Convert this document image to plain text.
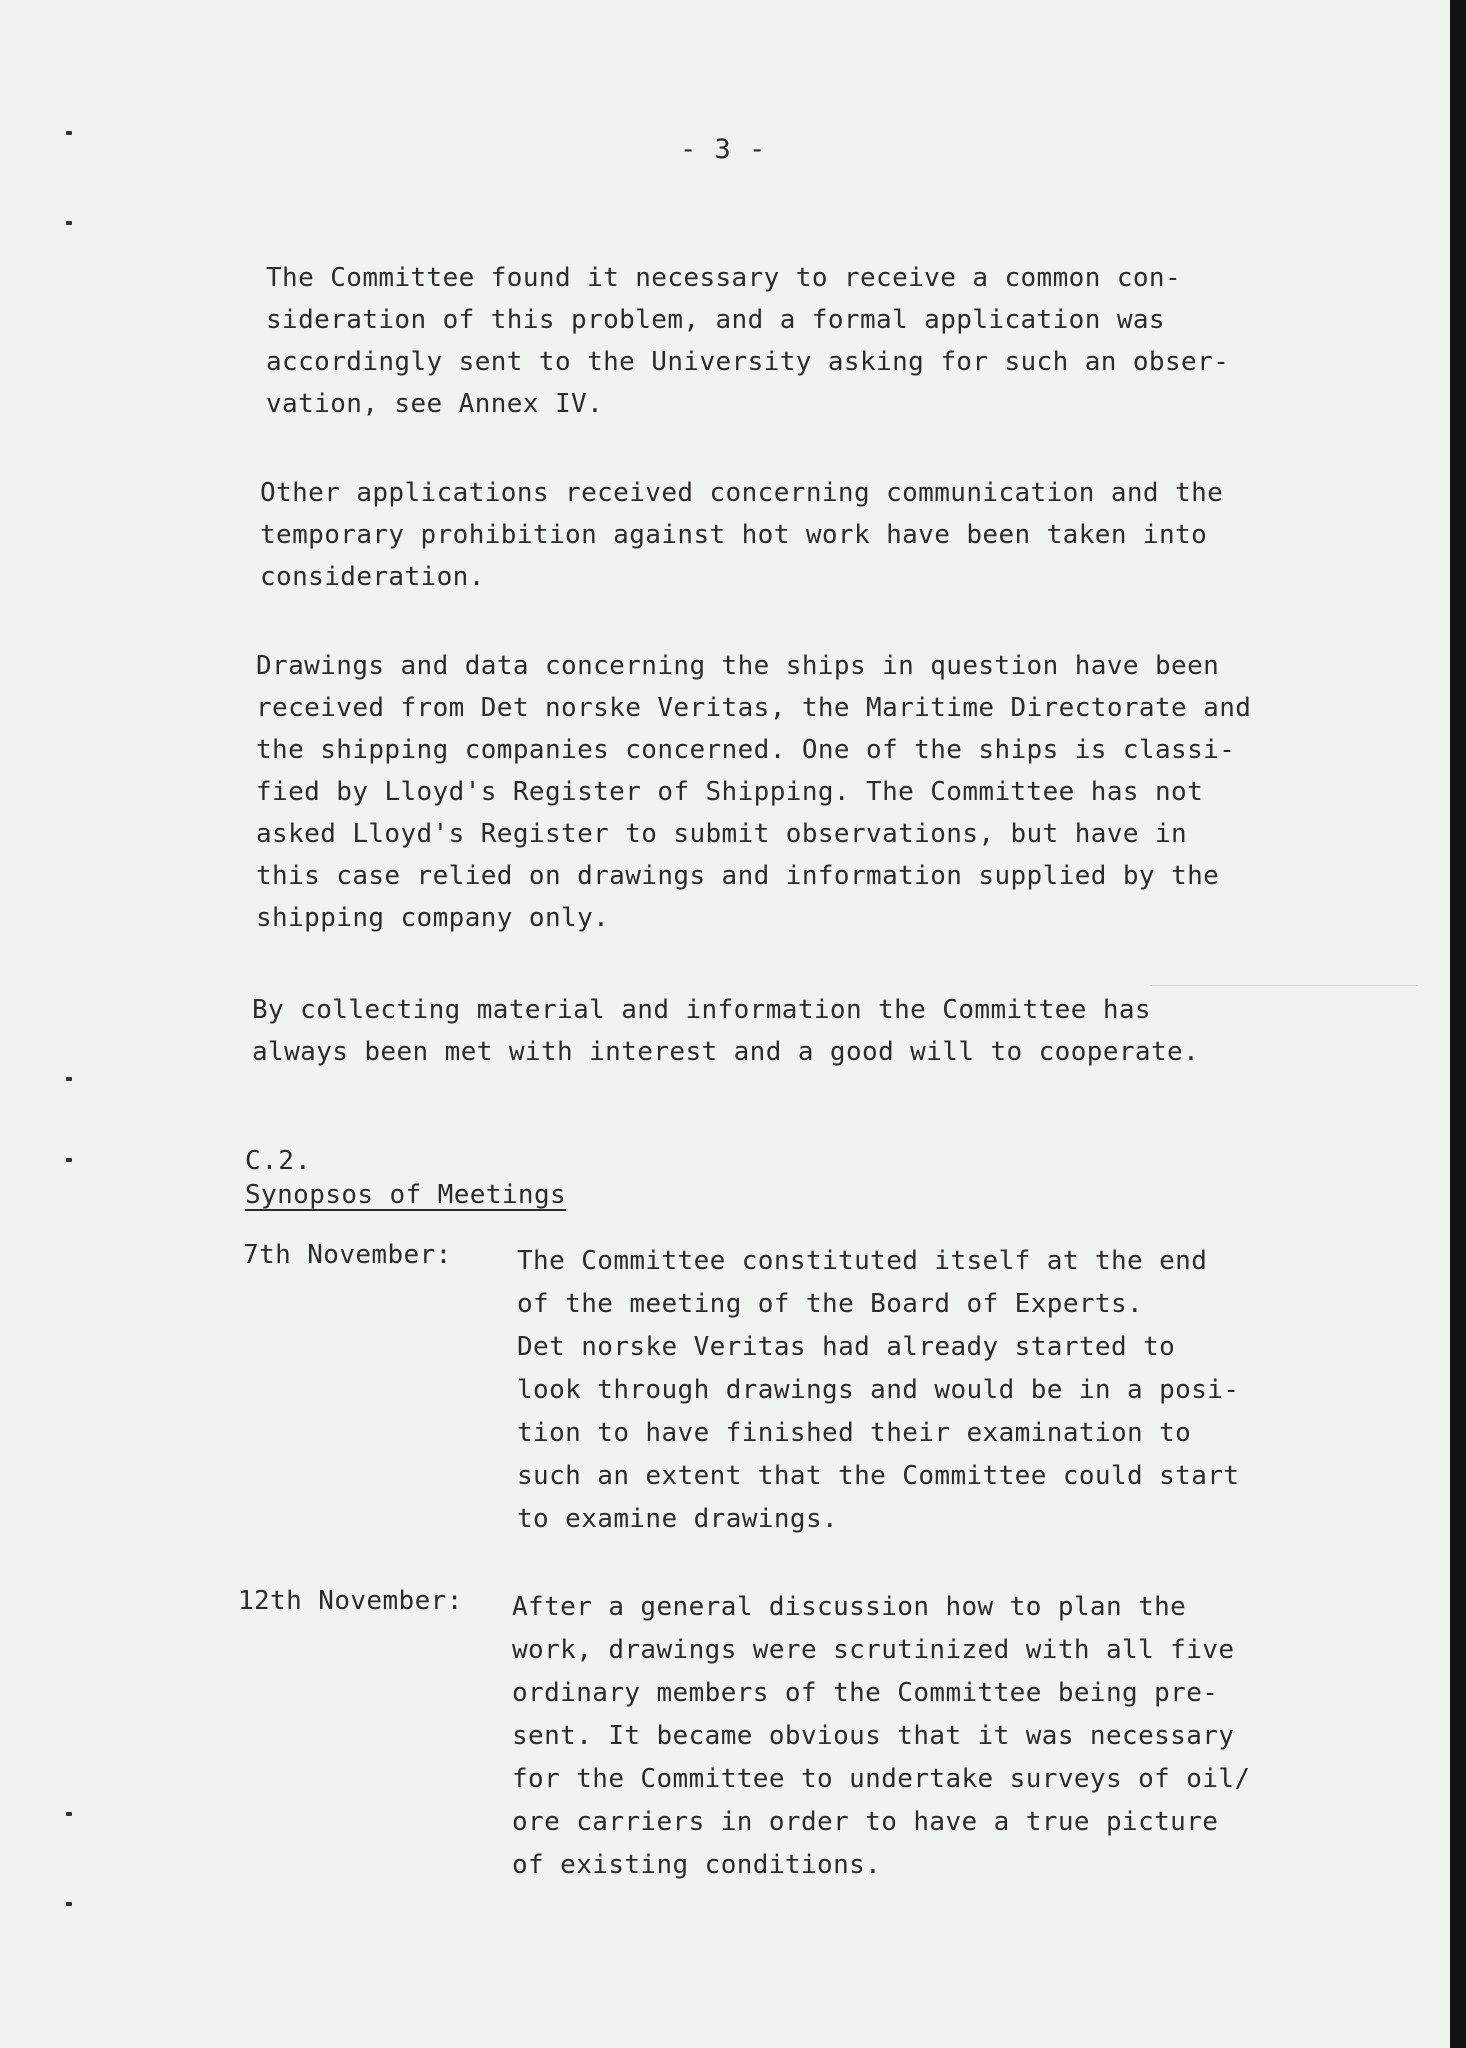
- 3 -

The Committee found it necessary to receive a common con-
sideration of this problem, and a formal application was
accordingly sent to the University asking for such an obser-
vation, see Annex IV.

Other applications received concerning communication and the
temporary prohibition against hot work have been taken into
consideration.

Drawings and data concerning the ships in question have been
received from Det norske Veritas, the Maritime Directorate and
the shipping companies concerned. One of the ships is classi-
fied by Lloyd's Register of Shipping. The Committee has not
asked Lloyd's Register to submit observations, but have in
this case relied on drawings and information supplied by the
shipping company only.

By collecting material and information the Committee has
always been met with interest and a good will to cooperate.

C.2.
Synopsos of Meetings
7th November:	The Committee constituted itself at the end
of the meeting of the Board of Experts.
Det norske Veritas had already started to
look through drawings and would be in a posi-
tion to have finished their examination to
such an extent that the Committee could start
to examine drawings.

12th November: After a general discussion how to plan the
work, drawings were scrutinized with all five
ordinary members of the Committee being pre-
sent. It became obvious that it was necessary
for the Committee to undertake surveys of oil/
ore carriers in order to have a true picture
of existing conditions.
